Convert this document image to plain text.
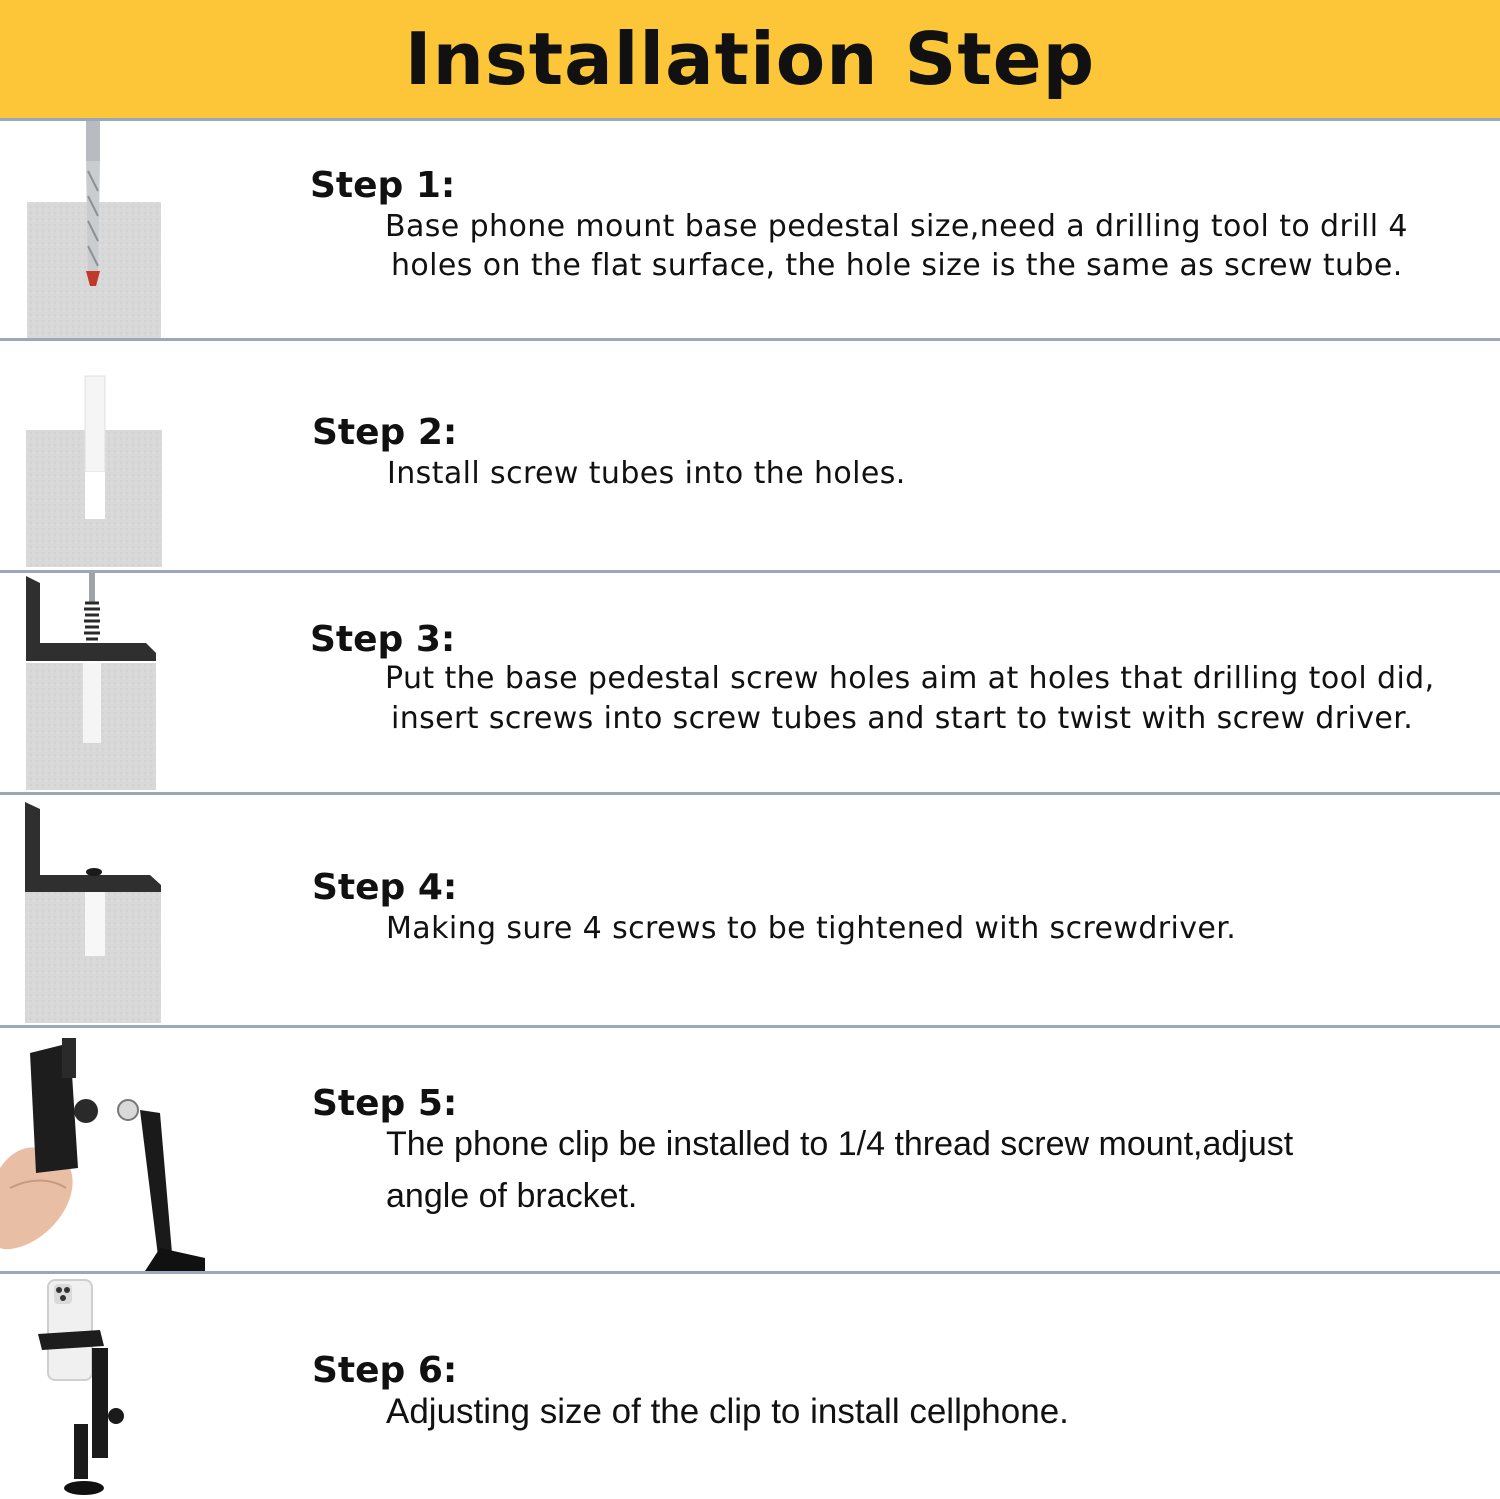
Installation Step
Step 1:
Base phone mount base pedestal size,need a drilling tool to drill 4
holes on the flat surface, the hole size is the same as screw tube.
Step 2:
Install screw tubes into the holes.
Step 3:
Put the base pedestal screw holes aim at holes that drilling tool did,
insert screws into screw tubes and start to twist with screw driver.
Step 4:
Making sure 4 screws to be tightened with screwdriver.
Step 5:
The phone clip be installed to 1/4 thread screw mount,adjust
angle of bracket.
Step 6:
Adjusting size of the clip to install cellphone.
